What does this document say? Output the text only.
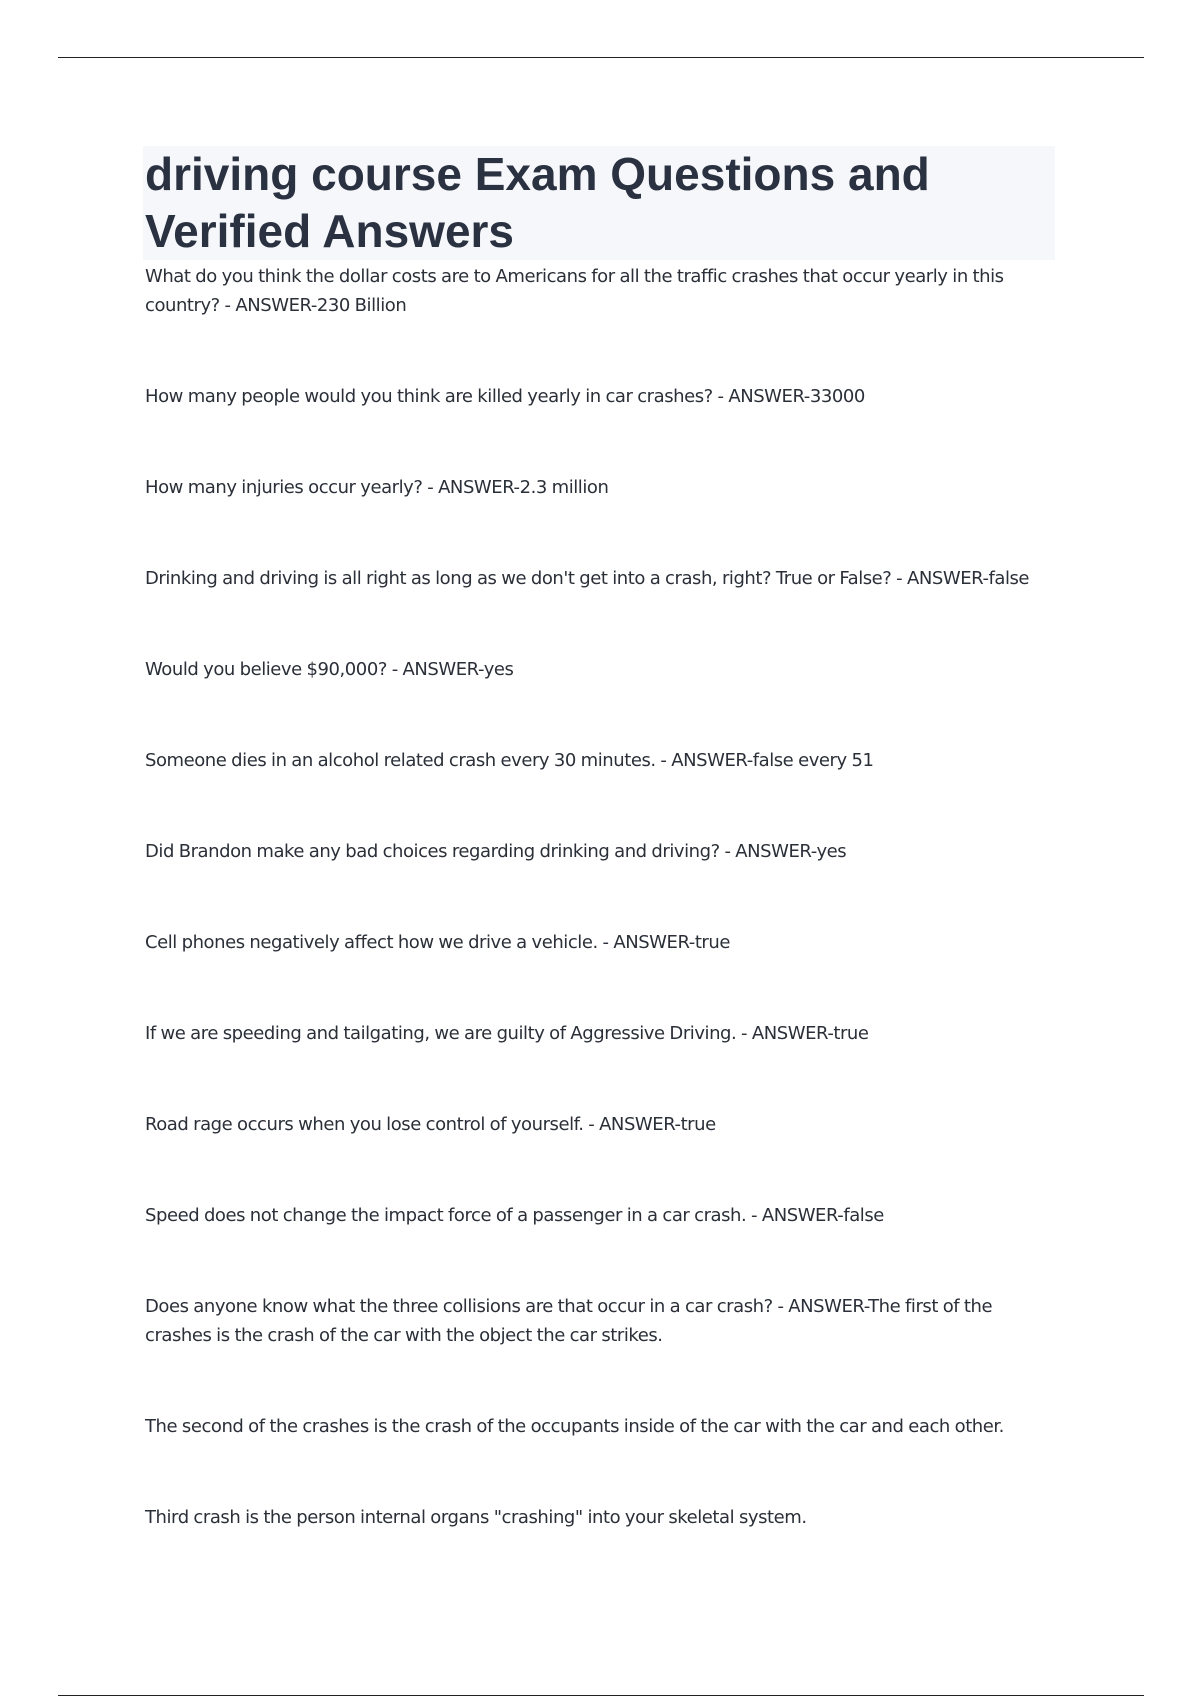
driving course Exam Questions and Verified Answers
What do you think the dollar costs are to Americans for all the traffic crashes that occur yearly in this country? - ANSWER-230 Billion
How many people would you think are killed yearly in car crashes? - ANSWER-33000
How many injuries occur yearly? - ANSWER-2.3 million
Drinking and driving is all right as long as we don't get into a crash, right? True or False? - ANSWER-false
Would you believe $90,000? - ANSWER-yes
Someone dies in an alcohol related crash every 30 minutes. - ANSWER-false every 51
Did Brandon make any bad choices regarding drinking and driving? - ANSWER-yes
Cell phones negatively affect how we drive a vehicle. - ANSWER-true
If we are speeding and tailgating, we are guilty of Aggressive Driving. - ANSWER-true
Road rage occurs when you lose control of yourself. - ANSWER-true
Speed does not change the impact force of a passenger in a car crash. - ANSWER-false
Does anyone know what the three collisions are that occur in a car crash? - ANSWER-The first of the crashes is the crash of the car with the object the car strikes.
The second of the crashes is the crash of the occupants inside of the car with the car and each other.
Third crash is the person internal organs "crashing" into your skeletal system.
